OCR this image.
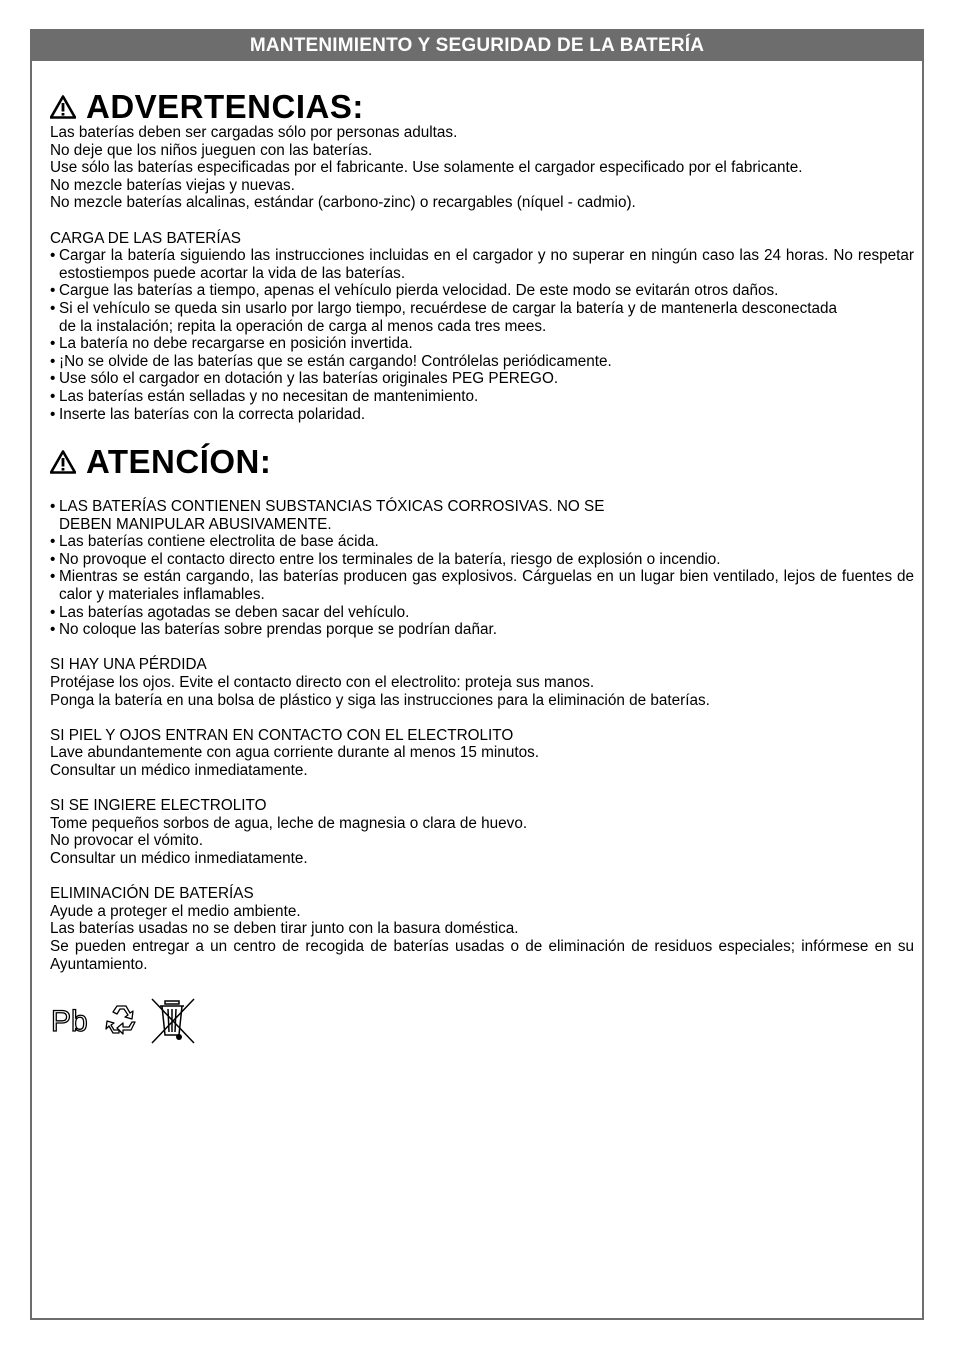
MANTENIMIENTO Y SEGURIDAD DE LA BATERÍA
ADVERTENCIAS:

Las baterías deben ser cargadas sólo por personas adultas.

No deje que los niños jueguen con las baterías.

Use sólo las baterías especificadas por el fabricante. Use solamente el cargador especificado por el fabricante.

No mezcle baterías viejas y nuevas.

No mezcle baterías alcalinas, estándar (carbono-zinc) o recargables (níquel - cadmio).

CARGA DE LAS BATERÍAS

• Cargar la batería siguiendo las instrucciones incluidas en el cargador y no superar en ningún caso las 24 horas. No respetar estostiempos puede acortar la vida de las baterías.
• Cargue las baterías a tiempo, apenas el vehículo pierda velocidad. De este modo se evitarán otros daños.
• Si el vehículo se queda sin usarlo por largo tiempo, recuérdese de cargar la batería y de mantenerla desconectada de la instalación; repita la operación de carga al menos cada tres mees.
• La batería no debe recargarse en posición invertida.
• ¡No se olvide de las baterías que se están cargando! Contrólelas periódicamente.
• Use sólo el cargador en dotación y las baterías originales PEG PEREGO.
• Las baterías están selladas y no necesitan de mantenimiento.
• Inserte las baterías con la correcta polaridad.
ATENCÍON:
• LAS BATERÍAS CONTIENEN SUBSTANCIAS TÓXICAS CORROSIVAS. NO SE DEBEN MANIPULAR ABUSIVAMENTE.
• Las baterías contiene electrolita de base ácida.
• No provoque el contacto directo entre los terminales de la batería, riesgo de explosión o incendio.
• Mientras se están cargando, las baterías producen gas explosivos. Cárguelas en un lugar bien ventilado, lejos de fuentes de calor y materiales inflamables.
• Las baterías agotadas se deben sacar del vehículo.
• No coloque las baterías sobre prendas porque se podrían dañar.

SI HAY UNA PÉRDIDA

Protéjase los ojos. Evite el contacto directo con el electrolito: proteja sus manos.

Ponga la batería en una bolsa de plástico y siga las instrucciones para la eliminación de baterías.

SI PIEL Y OJOS ENTRAN EN CONTACTO CON EL ELECTROLITO

Lave abundantemente con agua corriente durante al menos 15 minutos.

Consultar un médico inmediatamente.

SI SE INGIERE ELECTROLITO

Tome pequeños sorbos de agua, leche de magnesia o clara de huevo.

No provocar el vómito.

Consultar un médico inmediatamente.

ELIMINACIÓN DE BATERÍAS

Ayude a proteger el medio ambiente.

Las baterías usadas no se deben tirar junto con la basura doméstica.

Se pueden entregar a un centro de recogida de baterías usadas o de eliminación de residuos especiales; infórmese en su Ayuntamiento.

Pb
